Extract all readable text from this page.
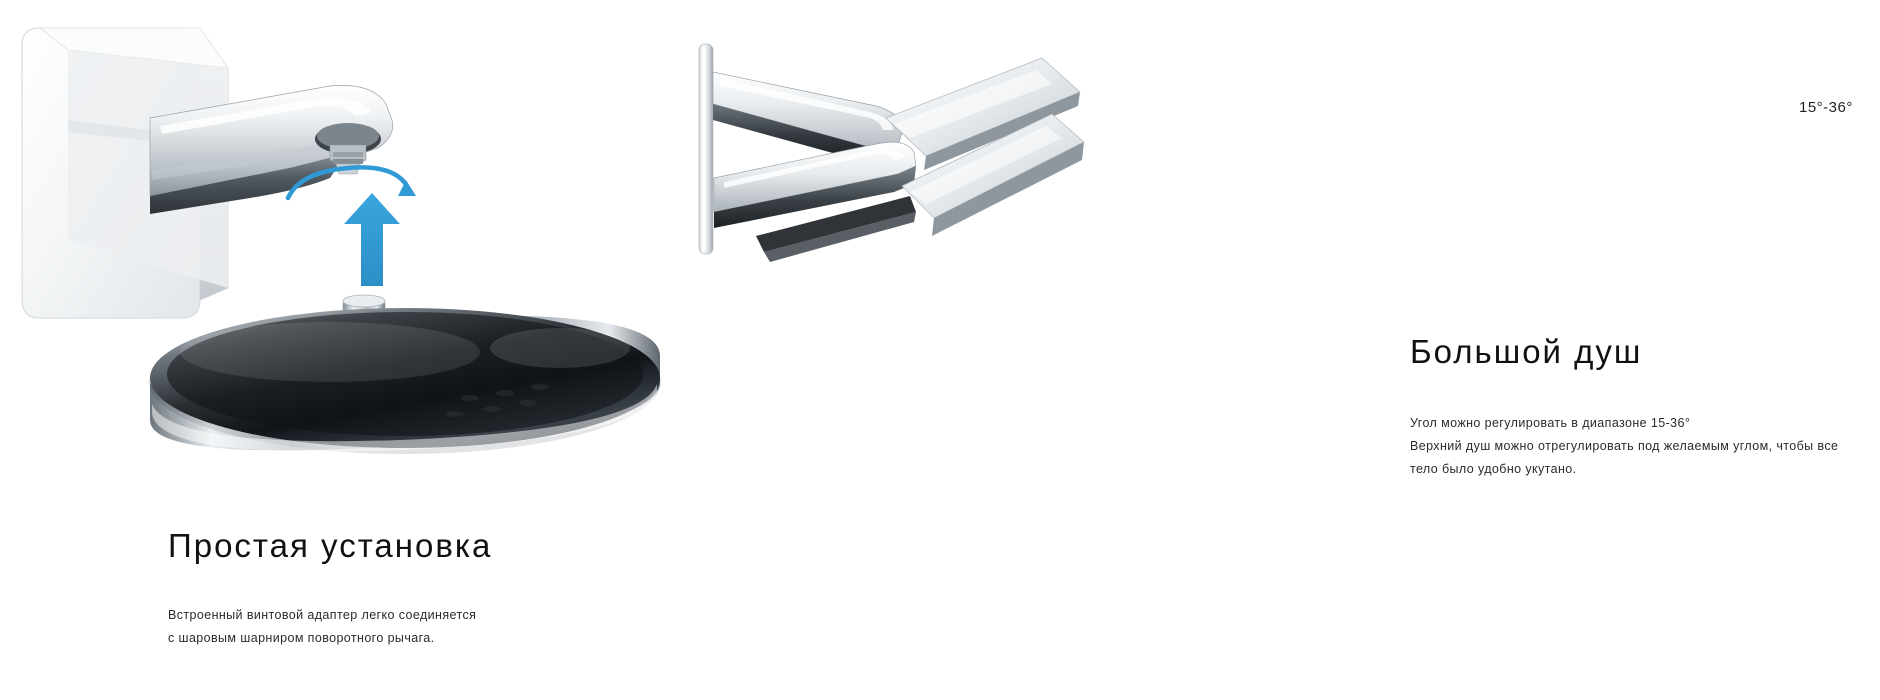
Простая установка
Встроенный винтовой адаптер легко соединяется
с шаровым шарниром поворотного рычага.
15°-36°
Большой душ
Угол можно регулировать в диапазоне 15-36°
Верхний душ можно отрегулировать под желаемым углом, чтобы все
тело было удобно укутано.
